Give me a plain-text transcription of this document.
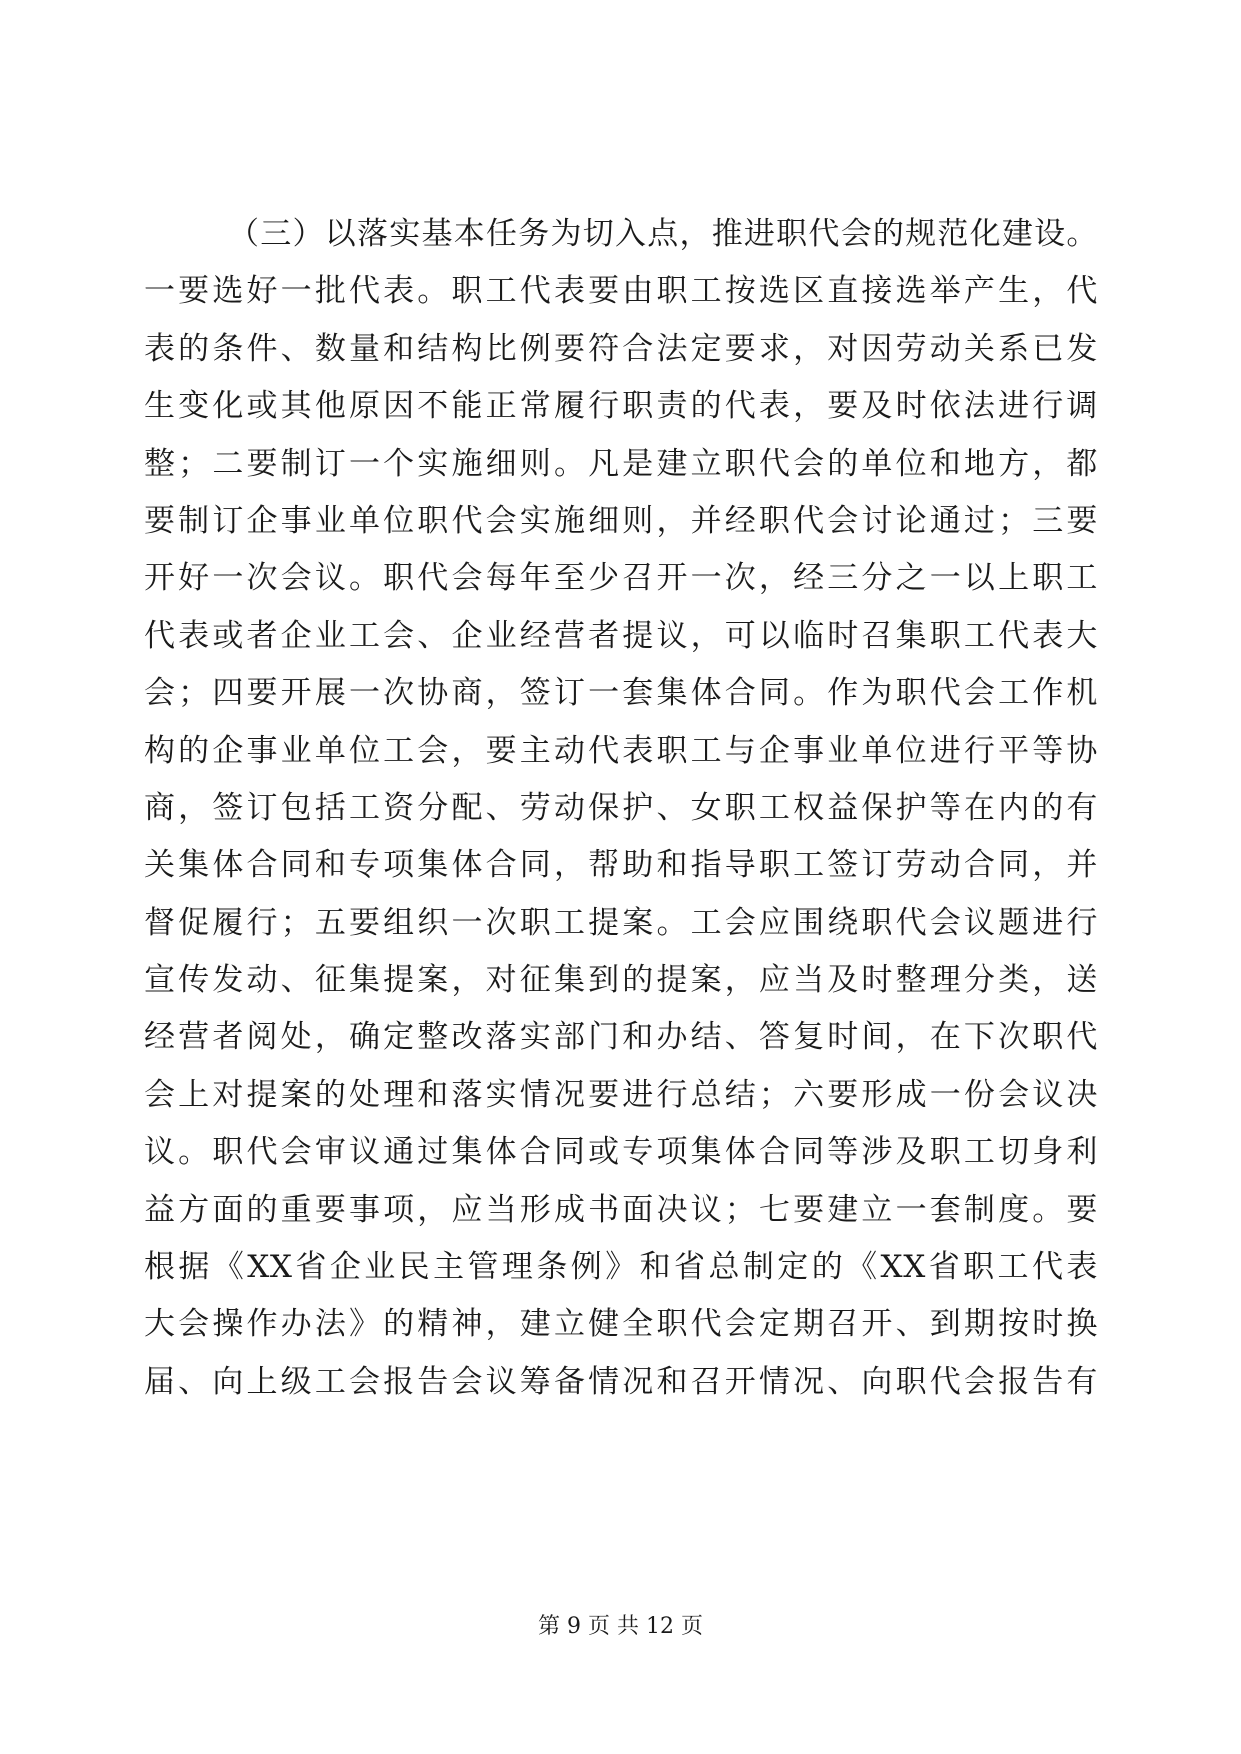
（三）以落实基本任务为切入点，推进职代会的规范化建设。
一要选好一批代表。职工代表要由职工按选区直接选举产生，代
表的条件、数量和结构比例要符合法定要求，对因劳动关系已发
生变化或其他原因不能正常履行职责的代表，要及时依法进行调
整；二要制订一个实施细则。凡是建立职代会的单位和地方，都
要制订企事业单位职代会实施细则，并经职代会讨论通过；三要
开好一次会议。职代会每年至少召开一次，经三分之一以上职工
代表或者企业工会、企业经营者提议，可以临时召集职工代表大
会；四要开展一次协商，签订一套集体合同。作为职代会工作机
构的企事业单位工会，要主动代表职工与企事业单位进行平等协
商，签订包括工资分配、劳动保护、女职工权益保护等在内的有
关集体合同和专项集体合同，帮助和指导职工签订劳动合同，并
督促履行；五要组织一次职工提案。工会应围绕职代会议题进行
宣传发动、征集提案，对征集到的提案，应当及时整理分类，送
经营者阅处，确定整改落实部门和办结、答复时间，在下次职代
会上对提案的处理和落实情况要进行总结；六要形成一份会议决
议。职代会审议通过集体合同或专项集体合同等涉及职工切身利
益方面的重要事项，应当形成书面决议；七要建立一套制度。要
根据《XX省企业民主管理条例》和省总制定的《XX省职工代表
大会操作办法》的精神，建立健全职代会定期召开、到期按时换
届、向上级工会报告会议筹备情况和召开情况、向职代会报告有
第 9 页 共 12 页
